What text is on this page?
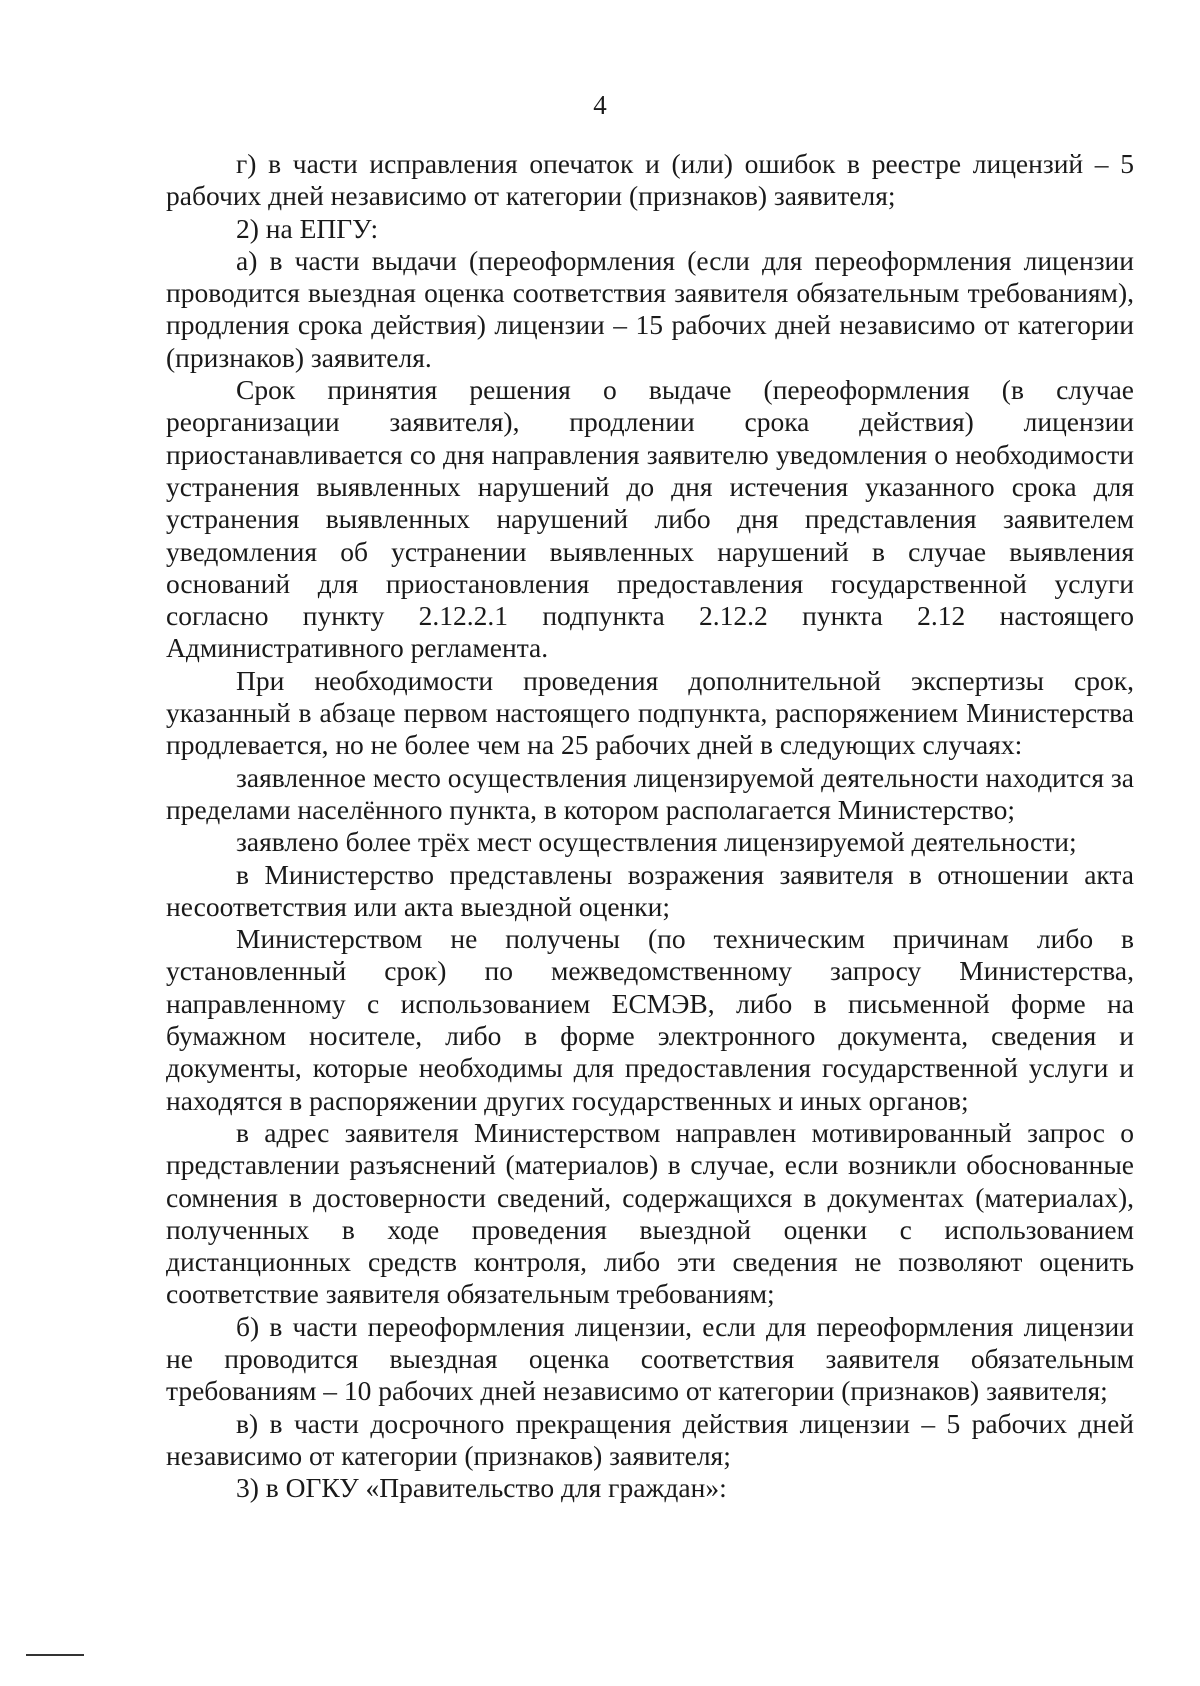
4

г) в части исправления опечаток и (или) ошибок в реестре лицензий – 5 рабочих дней независимо от категории (признаков) заявителя;

2) на ЕПГУ:

а) в части выдачи (переоформления (если для переоформления лицензии проводится выездная оценка соответствия заявителя обязательным требованиям), продления срока действия) лицензии – 15 рабочих дней независимо от категории (признаков) заявителя.

Срок принятия решения о выдаче (переоформления (в случае реорганизации заявителя), продлении срока действия) лицензии приостанавливается со дня направления заявителю уведомления о необходимости устранения выявленных нарушений до дня истечения указанного срока для устранения выявленных нарушений либо дня представления заявителем уведомления об устранении выявленных нарушений в случае выявления оснований для приостановления предоставления государственной услуги согласно пункту 2.12.2.1 подпункта 2.12.2 пункта 2.12 настоящего Административного регламента.

При необходимости проведения дополнительной экспертизы срок, указанный в абзаце первом настоящего подпункта, распоряжением Министерства продлевается, но не более чем на 25 рабочих дней в следующих случаях:

заявленное место осуществления лицензируемой деятельности находится за пределами населённого пункта, в котором располагается Министерство;

заявлено более трёх мест осуществления лицензируемой деятельности;

в Министерство представлены возражения заявителя в отношении акта несоответствия или акта выездной оценки;

Министерством не получены (по техническим причинам либо в установленный срок) по межведомственному запросу Министерства, направленному с использованием ЕСМЭВ, либо в письменной форме на бумажном носителе, либо в форме электронного документа, сведения и документы, которые необходимы для предоставления государственной услуги и находятся в распоряжении других государственных и иных органов;

в адрес заявителя Министерством направлен мотивированный запрос о представлении разъяснений (материалов) в случае, если возникли обоснованные сомнения в достоверности сведений, содержащихся в документах (материалах), полученных в ходе проведения выездной оценки с использованием дистанционных средств контроля, либо эти сведения не позволяют оценить соответствие заявителя обязательным требованиям;

б) в части переоформления лицензии, если для переоформления лицензии не проводится выездная оценка соответствия заявителя обязательным требованиям – 10 рабочих дней независимо от категории (признаков) заявителя;

в) в части досрочного прекращения действия лицензии – 5 рабочих дней независимо от категории (признаков) заявителя;

3) в ОГКУ «Правительство для граждан»:
